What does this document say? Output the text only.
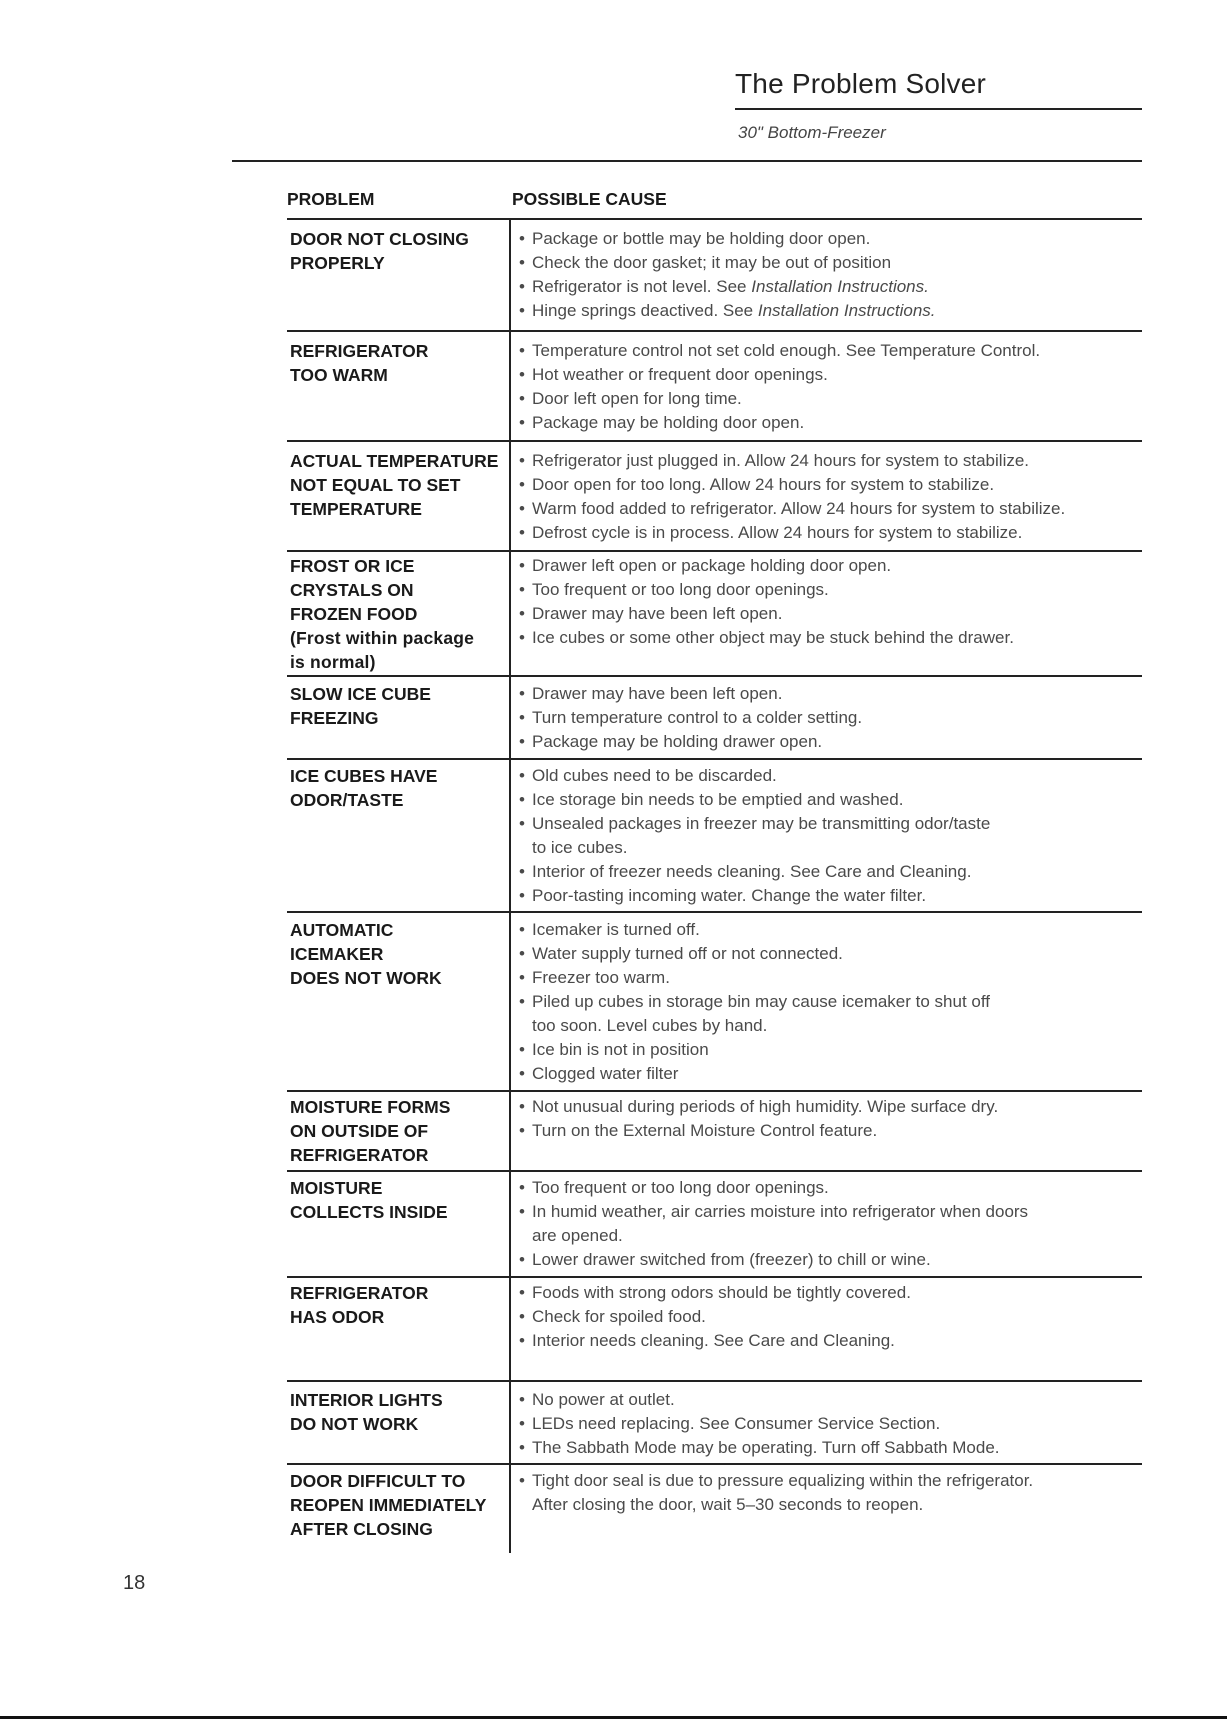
The Problem Solver
30" Bottom-Freezer
PROBLEM	POSSIBLE CAUSE
DOOR NOT CLOSING
PROPERLY
• Package or bottle may be holding door open.
• Check the door gasket; it may be out of position
• Refrigerator is not level. See Installation Instructions.
• Hinge springs deactived. See Installation Instructions.
REFRIGERATOR
TOO WARM
• Temperature control not set cold enough. See Temperature Control.
• Hot weather or frequent door openings.
• Door left open for long time.
• Package may be holding door open.
ACTUAL TEMPERATURE
NOT EQUAL TO SET
TEMPERATURE
• Refrigerator just plugged in. Allow 24 hours for system to stabilize.
• Door open for too long. Allow 24 hours for system to stabilize.
• Warm food added to refrigerator. Allow 24 hours for system to stabilize.
• Defrost cycle is in process. Allow 24 hours for system to stabilize.
FROST OR ICE
CRYSTALS ON
FROZEN FOOD
(Frost within package
is normal)
• Drawer left open or package holding door open.
• Too frequent or too long door openings.
• Drawer may have been left open.
• Ice cubes or some other object may be stuck behind the drawer.
SLOW ICE CUBE
FREEZING
• Drawer may have been left open.
• Turn temperature control to a colder setting.
• Package may be holding drawer open.
ICE CUBES HAVE
ODOR/TASTE
• Old cubes need to be discarded.
• Ice storage bin needs to be emptied and washed.
• Unsealed packages in freezer may be transmitting odor/taste
to ice cubes.
• Interior of freezer needs cleaning. See Care and Cleaning.
• Poor-tasting incoming water. Change the water filter.
AUTOMATIC
ICEMAKER
DOES NOT WORK
• Icemaker is turned off.
• Water supply turned off or not connected.
• Freezer too warm.
• Piled up cubes in storage bin may cause icemaker to shut off
too soon. Level cubes by hand.
• Ice bin is not in position
• Clogged water filter
MOISTURE FORMS
ON OUTSIDE OF
REFRIGERATOR
• Not unusual during periods of high humidity. Wipe surface dry.
• Turn on the External Moisture Control feature.
MOISTURE
COLLECTS INSIDE
• Too frequent or too long door openings.
• In humid weather, air carries moisture into refrigerator when doors
are opened.
• Lower drawer switched from (freezer) to chill or wine.
REFRIGERATOR
HAS ODOR
• Foods with strong odors should be tightly covered.
• Check for spoiled food.
• Interior needs cleaning. See Care and Cleaning.
INTERIOR LIGHTS
DO NOT WORK
• No power at outlet.
• LEDs need replacing. See Consumer Service Section.
• The Sabbath Mode may be operating. Turn off Sabbath Mode.
DOOR DIFFICULT TO
REOPEN IMMEDIATELY
AFTER CLOSING
• Tight door seal is due to pressure equalizing within the refrigerator.
After closing the door, wait 5–30 seconds to reopen.
18
